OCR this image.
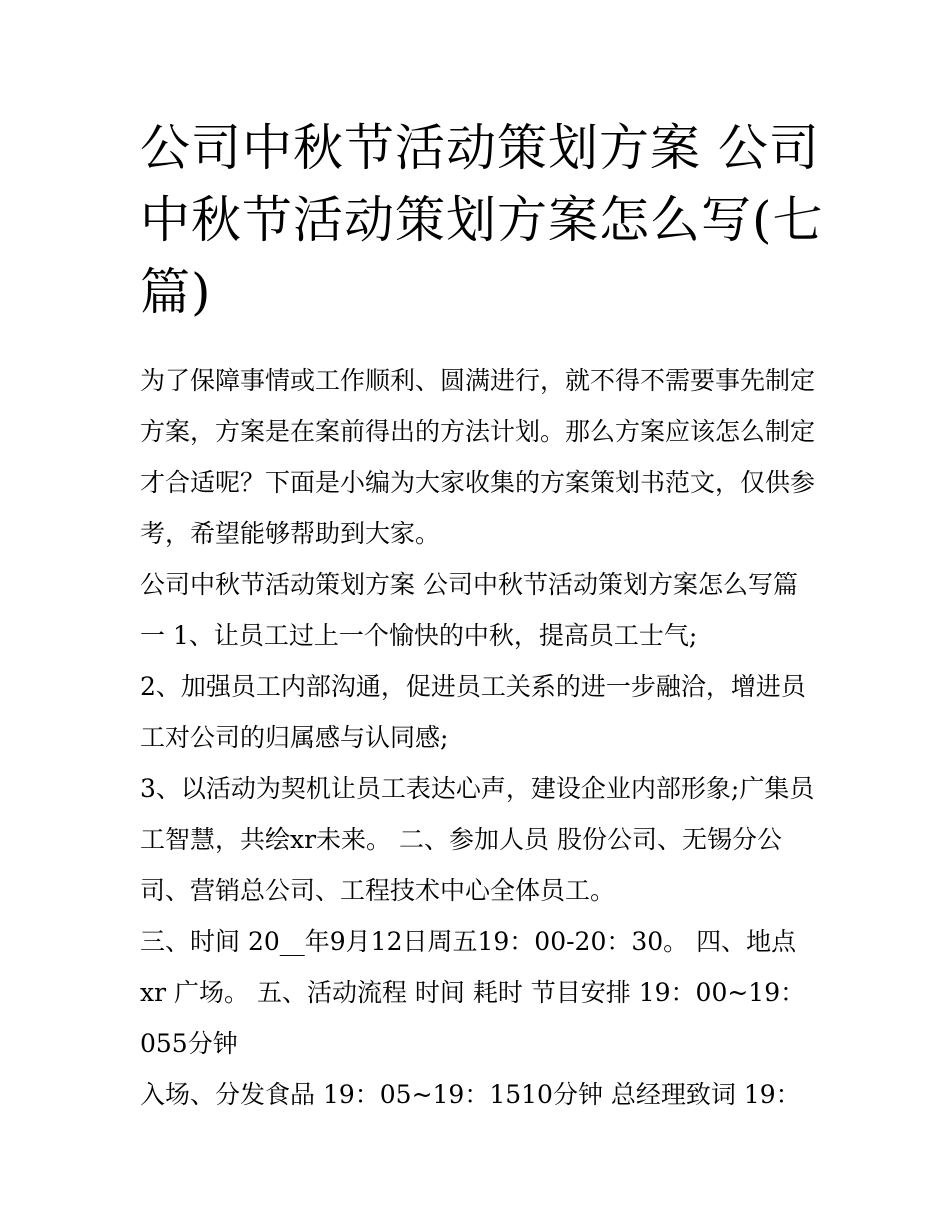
公司中秋节活动策划方案 公司中秋节活动策划方案怎么写(七篇)

为了保障事情或工作顺利、圆满进行，就不得不需要事先制定方案，方案是在案前得出的方法计划。那么方案应该怎么制定才合适呢？下面是小编为大家收集的方案策划书范文，仅供参考，希望能够帮助到大家。

公司中秋节活动策划方案 公司中秋节活动策划方案怎么写篇一 1、让员工过上一个愉快的中秋，提高员工士气;

2、加强员工内部沟通，促进员工关系的进一步融洽，增进员工对公司的归属感与认同感;

3、以活动为契机让员工表达心声，建设企业内部形象;广集员工智慧，共绘xr未来。 二、参加人员 股份公司、无锡分公司、营销总公司、工程技术中心全体员工。

三、时间 20__年9月12日周五19：00-20：30。 四、地点 xr 广场。 五、活动流程 时间 耗时 节目安排 19：00~19：055分钟

入场、分发食品 19：05~19：1510分钟 总经理致词 19：
